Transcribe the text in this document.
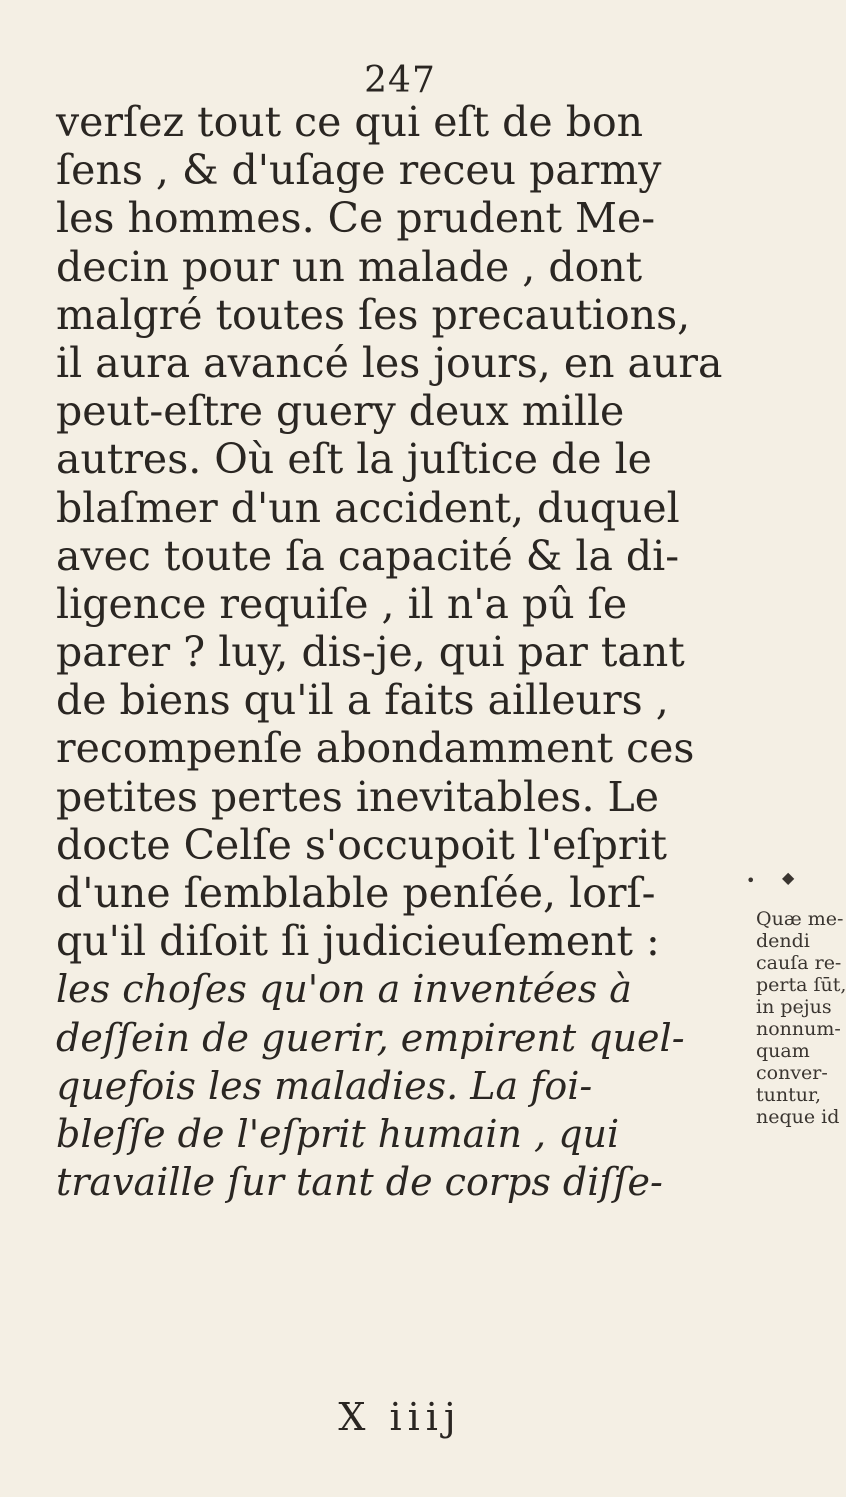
247
verſez tout ce qui eſt de bon
ſens , & d'uſage receu parmy
les hommes. Ce prudent Me-
decin pour un malade , dont
malgré toutes ſes precautions,
il aura avancé les jours, en aura
peut-eſtre guery deux mille
autres. Où eſt la juſtice de le
blaſmer d'un accident, duquel
avec toute ſa capacité & la di-
ligence requiſe , il n'a pû ſe
parer ? luy, dis-je, qui par tant
de biens qu'il a faits ailleurs ,
recompenſe abondamment ces
petites pertes inevitables. Le
docte Celſe s'occupoit l'eſprit
d'une ſemblable penſée, lorſ-
qu'il diſoit ſi judicieuſement :
les choſes qu'on a inventées à
deſſein de guerir, empirent quel-
quefois les maladies. La foi-
bleſſe de l'eſprit humain , qui
travaille ſur tant de corps diſſe-
X iiij
• ◆
Quæ me-
dendi
cauſa re-
perta ſūt,
in pejus
nonnum-
quam
conver-
tuntur,
neque id
